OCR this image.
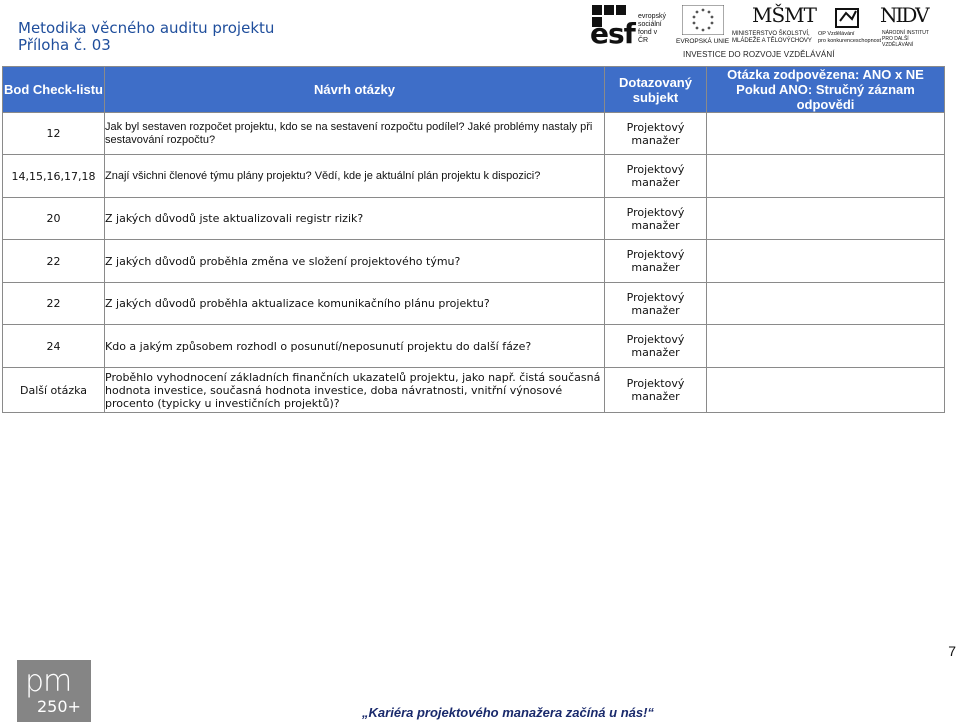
Metodika věcného auditu projektu
Příloha č. 03	esf
evropský
sociální
fond v ČR	EVROPSKÁ UNIE
MŠMT
MINISTERSTVO ŠKOLSTVÍ,
MLÁDEŽE A TĚLOVÝCHOVY
OP Vzdělávání
pro konkurenceschopnost
NIDV
NÁRODNÍ INSTITUT
PRO DALŠÍ
VZDĚLÁVÁNÍ
INVESTICE DO ROZVOJE VZDĚLÁVÁNÍ
Bod Check-listu	Návrh otázky	Dotazovaný subjekt	Otázka zodpovězena: ANO x NE Pokud ANO: Stručný záznam odpovědi
12	Jak byl sestaven rozpočet projektu, kdo se na sestavení rozpočtu podílel? Jaké problémy nastaly při sestavování rozpočtu?	Projektový manažer	
14,15,16,17,18	Znají všichni členové týmu plány projektu? Vědí, kde je aktuální plán projektu k dispozici?	Projektový manažer	
20	Z jakých důvodů jste aktualizovali registr rizik?	Projektový manažer	
22	Z jakých důvodů proběhla změna ve složení projektového týmu?	Projektový manažer	
22	Z jakých důvodů proběhla aktualizace komunikačního plánu projektu?	Projektový manažer	
24	Kdo a jakým způsobem rozhodl o posunutí/neposunutí projektu do další fáze?	Projektový manažer	
Další otázka	Proběhlo vyhodnocení základních finančních ukazatelů projektu, jako např. čistá současná hodnota investice, současná hodnota investice, doba návratnosti, vnitřní výnosové procento (typicky u investičních projektů)?	Projektový manažer	
7
pm
250+	„Kariéra projektového manažera začíná u nás!“
